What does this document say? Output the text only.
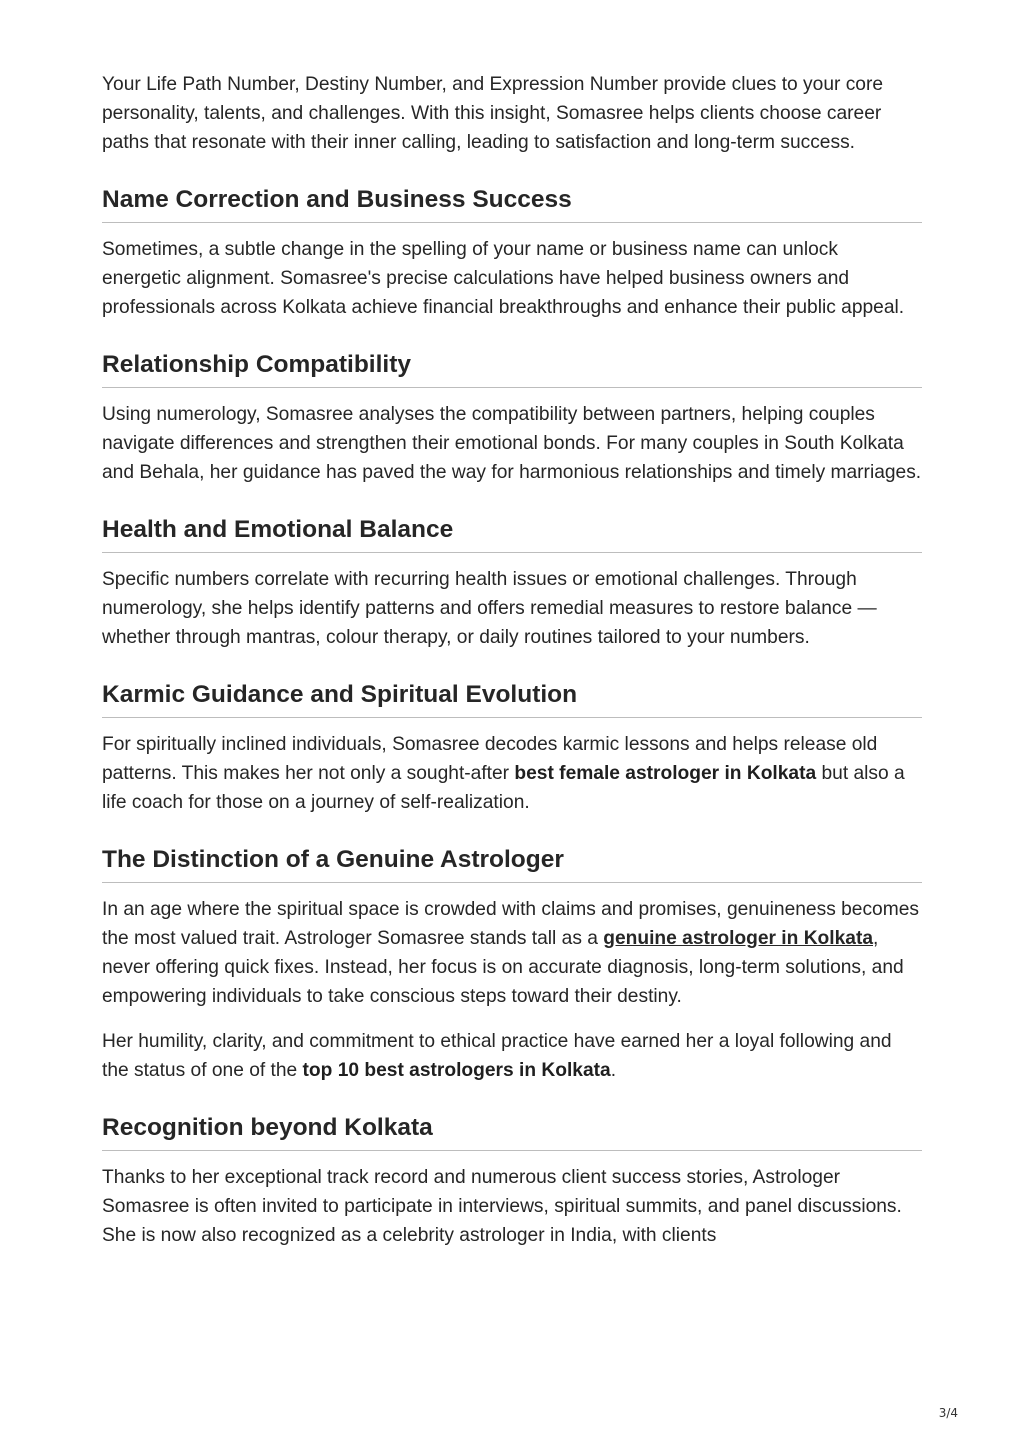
Your Life Path Number, Destiny Number, and Expression Number provide clues to your core personality, talents, and challenges. With this insight, Somasree helps clients choose career paths that resonate with their inner calling, leading to satisfaction and long-term success.

Name Correction and Business Success

Sometimes, a subtle change in the spelling of your name or business name can unlock energetic alignment. Somasree's precise calculations have helped business owners and professionals across Kolkata achieve financial breakthroughs and enhance their public appeal.

Relationship Compatibility

Using numerology, Somasree analyses the compatibility between partners, helping couples navigate differences and strengthen their emotional bonds. For many couples in South Kolkata and Behala, her guidance has paved the way for harmonious relationships and timely marriages.

Health and Emotional Balance

Specific numbers correlate with recurring health issues or emotional challenges. Through numerology, she helps identify patterns and offers remedial measures to restore balance —whether through mantras, colour therapy, or daily routines tailored to your numbers.

Karmic Guidance and Spiritual Evolution

For spiritually inclined individuals, Somasree decodes karmic lessons and helps release old patterns. This makes her not only a sought-after best female astrologer in Kolkata but also a life coach for those on a journey of self-realization.

The Distinction of a Genuine Astrologer

In an age where the spiritual space is crowded with claims and promises, genuineness becomes the most valued trait. Astrologer Somasree stands tall as a genuine astrologer in Kolkata, never offering quick fixes. Instead, her focus is on accurate diagnosis, long-term solutions, and empowering individuals to take conscious steps toward their destiny.

Her humility, clarity, and commitment to ethical practice have earned her a loyal following and the status of one of the top 10 best astrologers in Kolkata.

Recognition beyond Kolkata

Thanks to her exceptional track record and numerous client success stories, Astrologer Somasree is often invited to participate in interviews, spiritual summits, and panel discussions. She is now also recognized as a celebrity astrologer in India, with clients

3/4
